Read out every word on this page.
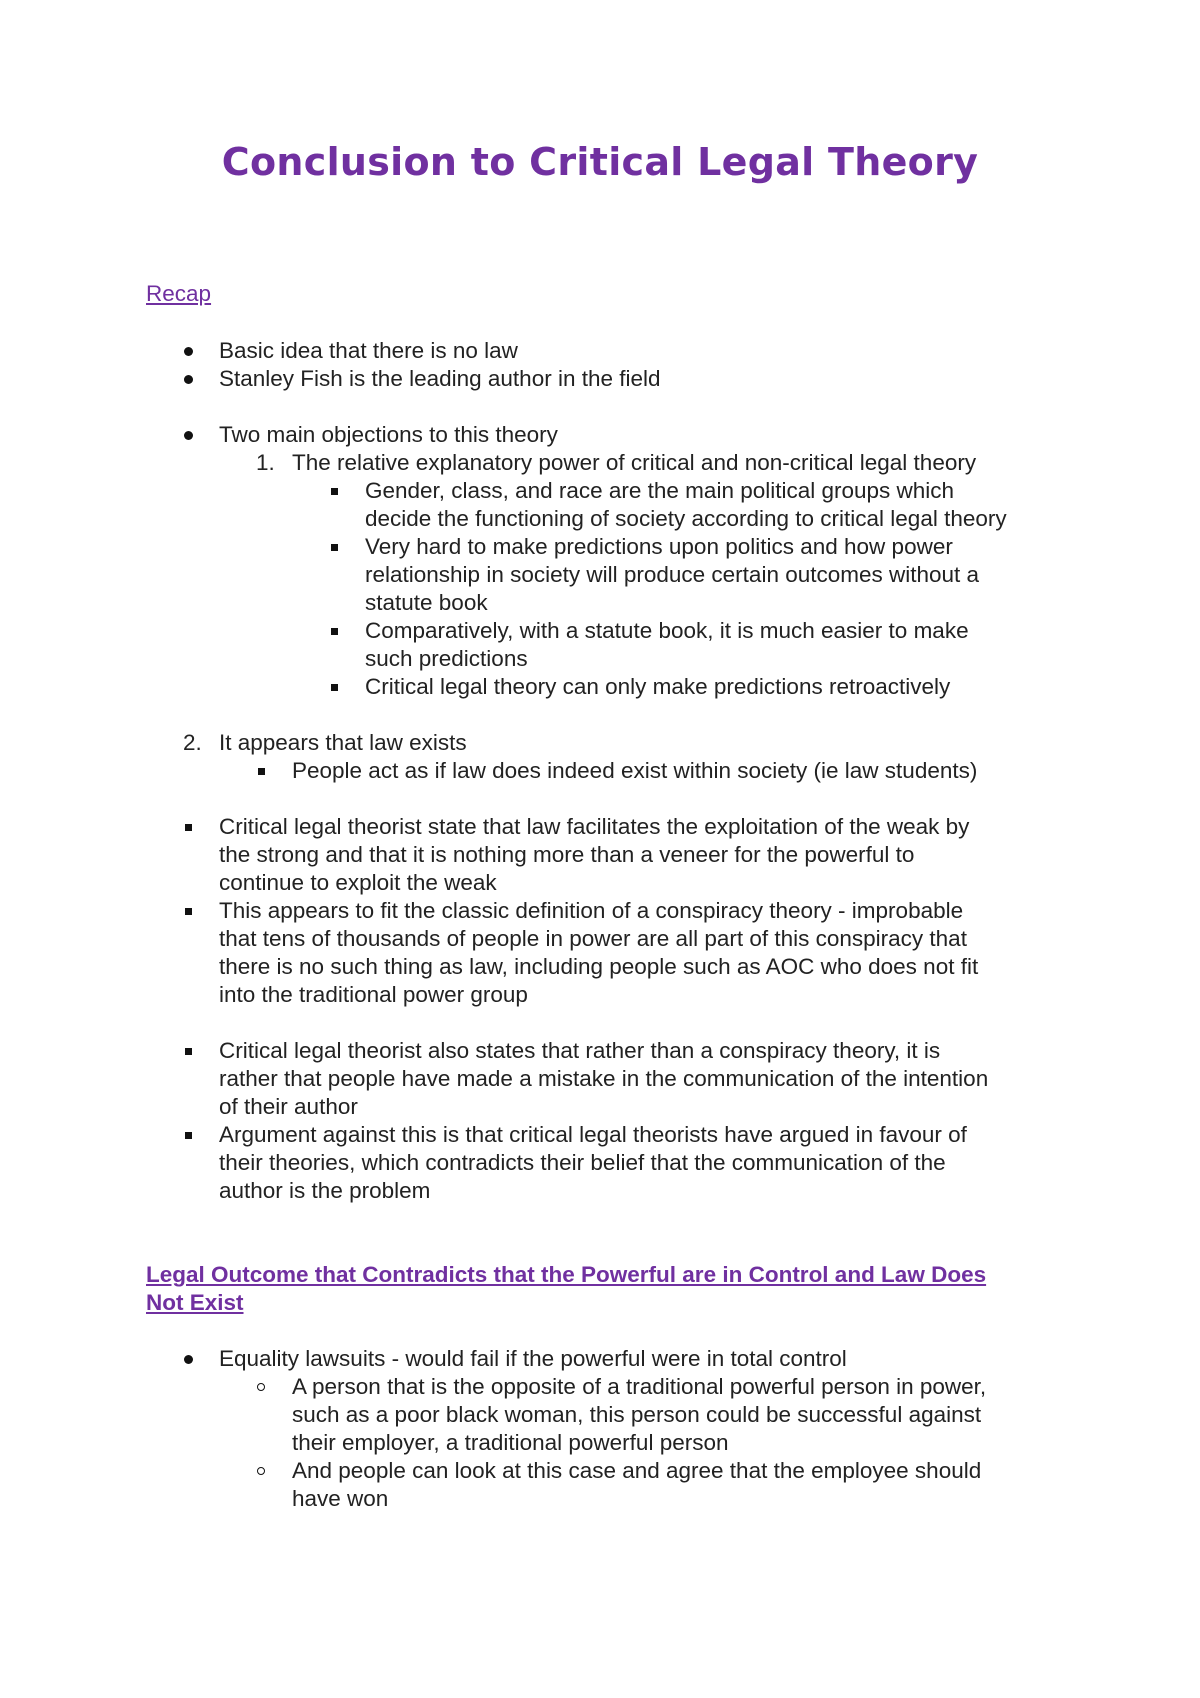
Conclusion to Critical Legal Theory
Recap
Basic idea that there is no law
Stanley Fish is the leading author in the field
Two main objections to this theory
1. The relative explanatory power of critical and non-critical legal theory
Gender, class, and race are the main political groups which
decide the functioning of society according to critical legal theory
Very hard to make predictions upon politics and how power
relationship in society will produce certain outcomes without a
statute book
Comparatively, with a statute book, it is much easier to make
such predictions
Critical legal theory can only make predictions retroactively
2. It appears that law exists
People act as if law does indeed exist within society (ie law students)
Critical legal theorist state that law facilitates the exploitation of the weak by
the strong and that it is nothing more than a veneer for the powerful to
continue to exploit the weak
This appears to fit the classic definition of a conspiracy theory - improbable
that tens of thousands of people in power are all part of this conspiracy that
there is no such thing as law, including people such as AOC who does not fit
into the traditional power group
Critical legal theorist also states that rather than a conspiracy theory, it is
rather that people have made a mistake in the communication of the intention
of their author
Argument against this is that critical legal theorists have argued in favour of
their theories, which contradicts their belief that the communication of the
author is the problem
Legal Outcome that Contradicts that the Powerful are in Control and Law Does
Not Exist
Equality lawsuits - would fail if the powerful were in total control
A person that is the opposite of a traditional powerful person in power,
such as a poor black woman, this person could be successful against
their employer, a traditional powerful person
And people can look at this case and agree that the employee should
have won
